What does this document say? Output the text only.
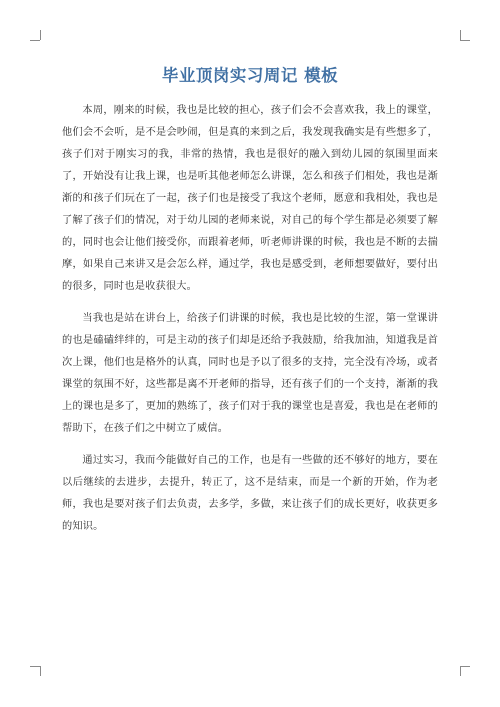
毕业顶岗实习周记 模板

本周，刚来的时候，我也是比较的担心，孩子们会不会喜欢我，我上的课堂，他们会不会听，是不是会吵闹，但是真的来到之后，我发现我确实是有些想多了，孩子们对于刚实习的我，非常的热情，我也是很好的融入到幼儿园的氛围里面来了，开始没有让我上课，也是听其他老师怎么讲课，怎么和孩子们相处，我也是渐渐的和孩子们玩在了一起，孩子们也是接受了我这个老师，愿意和我相处，我也是了解了孩子们的情况，对于幼儿园的老师来说，对自己的每个学生都是必须要了解的，同时也会让他们接受你，而跟着老师，听老师讲课的时候，我也是不断的去揣摩，如果自己来讲又是会怎么样，通过学，我也是感受到，老师想要做好，要付出的很多，同时也是收获很大。

当我也是站在讲台上，给孩子们讲课的时候，我也是比较的生涩，第一堂课讲的也是磕磕绊绊的，可是主动的孩子们却是还给予我鼓励，给我加油，知道我是首次上课，他们也是格外的认真，同时也是予以了很多的支持，完全没有冷场，或者课堂的氛围不好，这些都是离不开老师的指导，还有孩子们的一个支持，渐渐的我上的课也是多了，更加的熟练了，孩子们对于我的课堂也是喜爱，我也是在老师的帮助下，在孩子们之中树立了威信。

通过实习，我而今能做好自己的工作，也是有一些做的还不够好的地方，要在以后继续的去进步，去提升，转正了，这不是结束，而是一个新的开始，作为老师，我也是要对孩子们去负责，去多学，多做，来让孩子们的成长更好，收获更多的知识。
